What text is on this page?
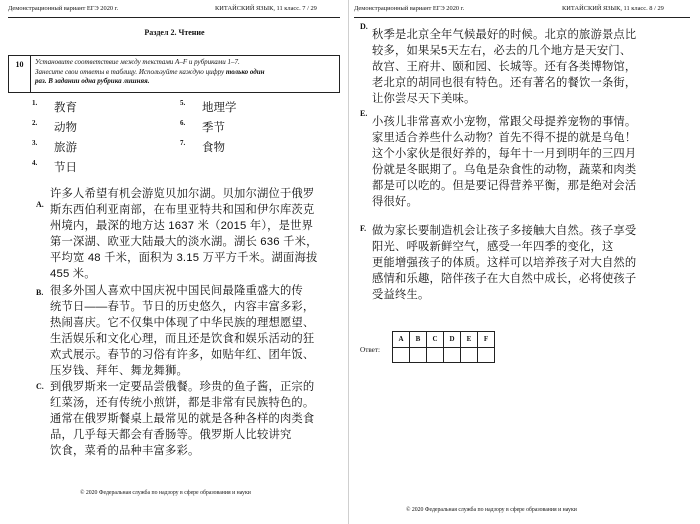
Демонстрационный вариант ЕГЭ 2020 г.	КИТАЙСКИЙ ЯЗЫК, 11 класс. 7 / 29
Раздел 2. Чтение
10	Установите соответствие между текстами A–F и рубриками 1–7.
Занесите свои ответы в таблицу. Используйте каждую цифру только один
раз. В задании одна рубрика лишняя.
1. 教育
2. 动物
3. 旅游
4. 节日
5. 地理学
6. 季节
7. 食物
A.
许多人希望有机会游览贝加尔湖。贝加尔湖位于俄罗
斯东西伯利亚南部，在布里亚特共和国和伊尔库茨克
州境内，最深的地方达 1637 米（2015 年），是世界
第一深湖、欧亚大陆最大的淡水湖。湖长 636 千米，
平均宽 48 千米，面积为 3.15 万平方千米。湖面海拔
455 米。
B. 很多外国人喜欢中国庆祝中国民间最隆重盛大的传
统节日——春节。节日的历史悠久，内容丰富多彩，
热闹喜庆。它不仅集中体现了中华民族的理想愿望、
生活娱乐和文化心理，而且还是饮食和娱乐活动的狂
欢式展示。春节的习俗有许多，如贴年红、团年饭、
压岁钱、拜年、舞龙舞狮。
C. 到俄罗斯来一定要品尝俄餐。珍贵的鱼子酱，正宗的
红菜汤，还有传统小煎饼，都是非常有民族特色的。
通常在俄罗斯餐桌上最常见的就是各种各样的肉类食
品，几乎每天都会有香肠等。俄罗斯人比较讲究
饮食，菜肴的品种丰富多彩。
© 2020 Федеральная служба по надзору в сфере образования и науки
Демонстрационный вариант ЕГЭ 2020 г.	КИТАЙСКИЙ ЯЗЫК, 11 класс. 8 / 29
D.
秋季是北京全年气候最好的时候。北京的旅游景点比
较多，如果呆5天左右，必去的几个地方是天安门、
故宫、王府井、颐和园、长城等。还有各类博物馆，
老北京的胡同也很有特色。还有著名的餐饮一条街，
让你尝尽天下美味。
E.
小孩儿非常喜欢小宠物，常跟父母提养宠物的事情。
家里适合养些什么动物？首先不得不提的就是乌龟！
这个小家伙是很好养的，每年十一月到明年的三四月
份就是冬眠期了。乌龟是杂食性的动物，蔬菜和肉类
都是可以吃的。但是要记得营养平衡，那是绝对会活
得很好。
F. 做为家长要制造机会让孩子多接触大自然。孩子享受
阳光、呼吸新鲜空气，感受一年四季的变化，这
更能增强孩子的体质。这样可以培养孩子对大自然的
感情和乐趣，陪伴孩子在大自然中成长，必将使孩子
受益终生。
Ответ:
A	B	C	D	E	F

© 2020 Федеральная служба по надзору в сфере образования и науки
